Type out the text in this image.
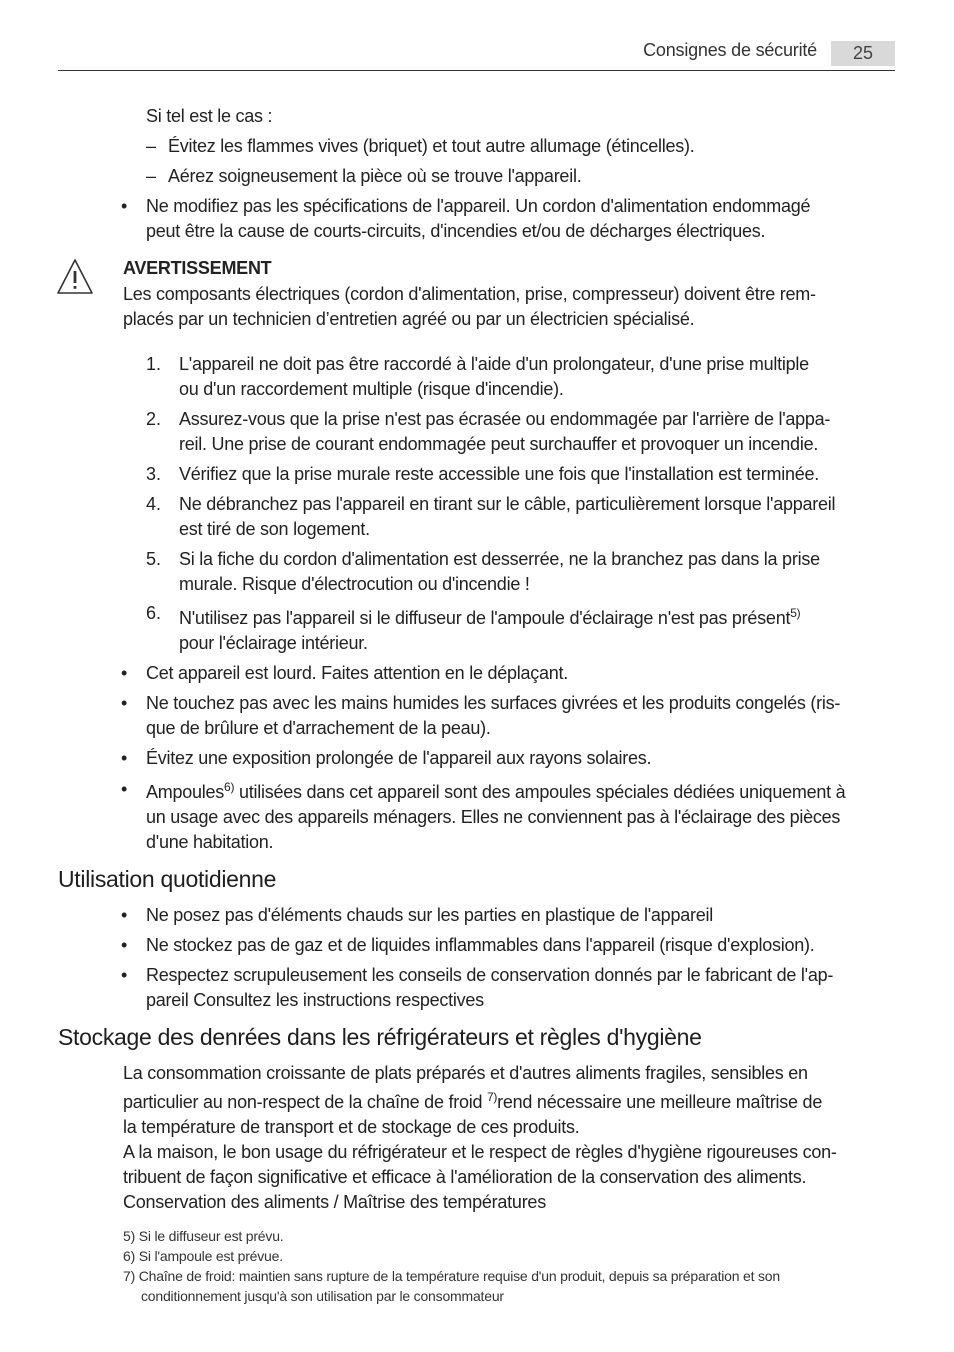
Consignes de sécurité	25
Si tel est le cas :
– Évitez les flammes vives (briquet) et tout autre allumage (étincelles).
– Aérez soigneusement la pièce où se trouve l'appareil.
• Ne modifiez pas les spécifications de l'appareil. Un cordon d'alimentation endommagé
peut être la cause de courts-circuits, d'incendies et/ou de décharges électriques.
AVERTISSEMENT
Les composants électriques (cordon d'alimentation, prise, compresseur) doivent être rem-
placés par un technicien d’entretien agréé ou par un électricien spécialisé.
1. L'appareil ne doit pas être raccordé à l'aide d'un prolongateur, d'une prise multiple
ou d'un raccordement multiple (risque d'incendie).
2. Assurez-vous que la prise n'est pas écrasée ou endommagée par l'arrière de l'appa-
reil. Une prise de courant endommagée peut surchauffer et provoquer un incendie.
3. Vérifiez que la prise murale reste accessible une fois que l'installation est terminée.
4. Ne débranchez pas l'appareil en tirant sur le câble, particulièrement lorsque l'appareil
est tiré de son logement.
5. Si la fiche du cordon d'alimentation est desserrée, ne la branchez pas dans la prise
murale. Risque d'électrocution ou d'incendie !
6. N'utilisez pas l'appareil si le diffuseur de l'ampoule d'éclairage n'est pas présent$^{5)}$
pour l'éclairage intérieur.
• Cet appareil est lourd. Faites attention en le déplaçant.
• Ne touchez pas avec les mains humides les surfaces givrées et les produits congelés (ris-
que de brûlure et d'arrachement de la peau).
• Évitez une exposition prolongée de l'appareil aux rayons solaires.
• Ampoules$^{6)}$ utilisées dans cet appareil sont des ampoules spéciales dédiées uniquement à
un usage avec des appareils ménagers. Elles ne conviennent pas à l'éclairage des pièces
d'une habitation.
Utilisation quotidienne
• Ne posez pas d'éléments chauds sur les parties en plastique de l'appareil
• Ne stockez pas de gaz et de liquides inflammables dans l'appareil (risque d'explosion).
• Respectez scrupuleusement les conseils de conservation donnés par le fabricant de l'ap-
pareil Consultez les instructions respectives
Stockage des denrées dans les réfrigérateurs et règles d'hygiène
La consommation croissante de plats préparés et d'autres aliments fragiles, sensibles en
particulier au non-respect de la chaîne de froid $^{7)}$rend nécessaire une meilleure maîtrise de
la température de transport et de stockage de ces produits.
A la maison, le bon usage du réfrigérateur et le respect de règles d'hygiène rigoureuses con-
tribuent de façon significative et efficace à l'amélioration de la conservation des aliments.
Conservation des aliments / Maîtrise des températures
5) Si le diffuseur est prévu.
6) Si l'ampoule est prévue.
7) Chaîne de froid: maintien sans rupture de la température requise d'un produit, depuis sa préparation et son
conditionnement jusqu'à son utilisation par le consommateur
